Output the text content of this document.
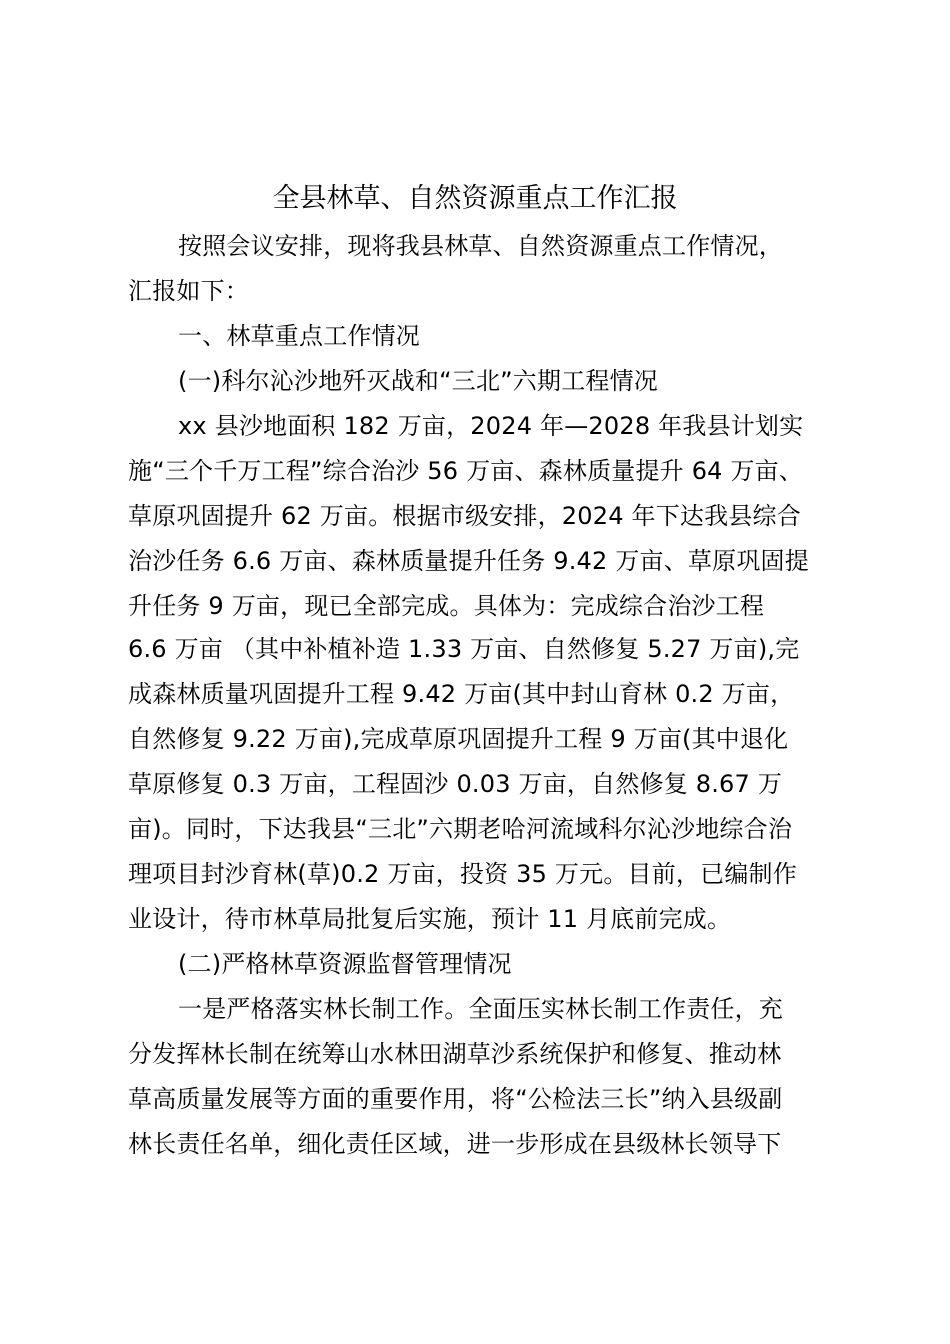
全县林草、自然资源重点工作汇报
按照会议安排，现将我县林草、自然资源重点工作情况，
汇报如下：
一、林草重点工作情况
(一)科尔沁沙地歼灭战和“三北”六期工程情况
xx 县沙地面积 182 万亩，2024 年—2028 年我县计划实
施“三个千万工程”综合治沙 56 万亩、森林质量提升 64 万亩、
草原巩固提升 62 万亩。根据市级安排，2024 年下达我县综合
治沙任务 6.6 万亩、森林质量提升任务 9.42 万亩、草原巩固提
升任务 9 万亩，现已全部完成。具体为：完成综合治沙工程
6.6 万亩 （其中补植补造 1.33 万亩、自然修复 5.27 万亩),完
成森林质量巩固提升工程 9.42 万亩(其中封山育林 0.2 万亩，
自然修复 9.22 万亩),完成草原巩固提升工程 9 万亩(其中退化
草原修复 0.3 万亩，工程固沙 0.03 万亩，自然修复 8.67 万
亩)。同时，下达我县“三北”六期老哈河流域科尔沁沙地综合治
理项目封沙育林(草)0.2 万亩，投资 35 万元。目前，已编制作
业设计，待市林草局批复后实施，预计 11 月底前完成。
(二)严格林草资源监督管理情况
一是严格落实林长制工作。全面压实林长制工作责任，充
分发挥林长制在统筹山水林田湖草沙系统保护和修复、推动林
草高质量发展等方面的重要作用，将“公检法三长”纳入县级副
林长责任名单，细化责任区域，进一步形成在县级林长领导下
